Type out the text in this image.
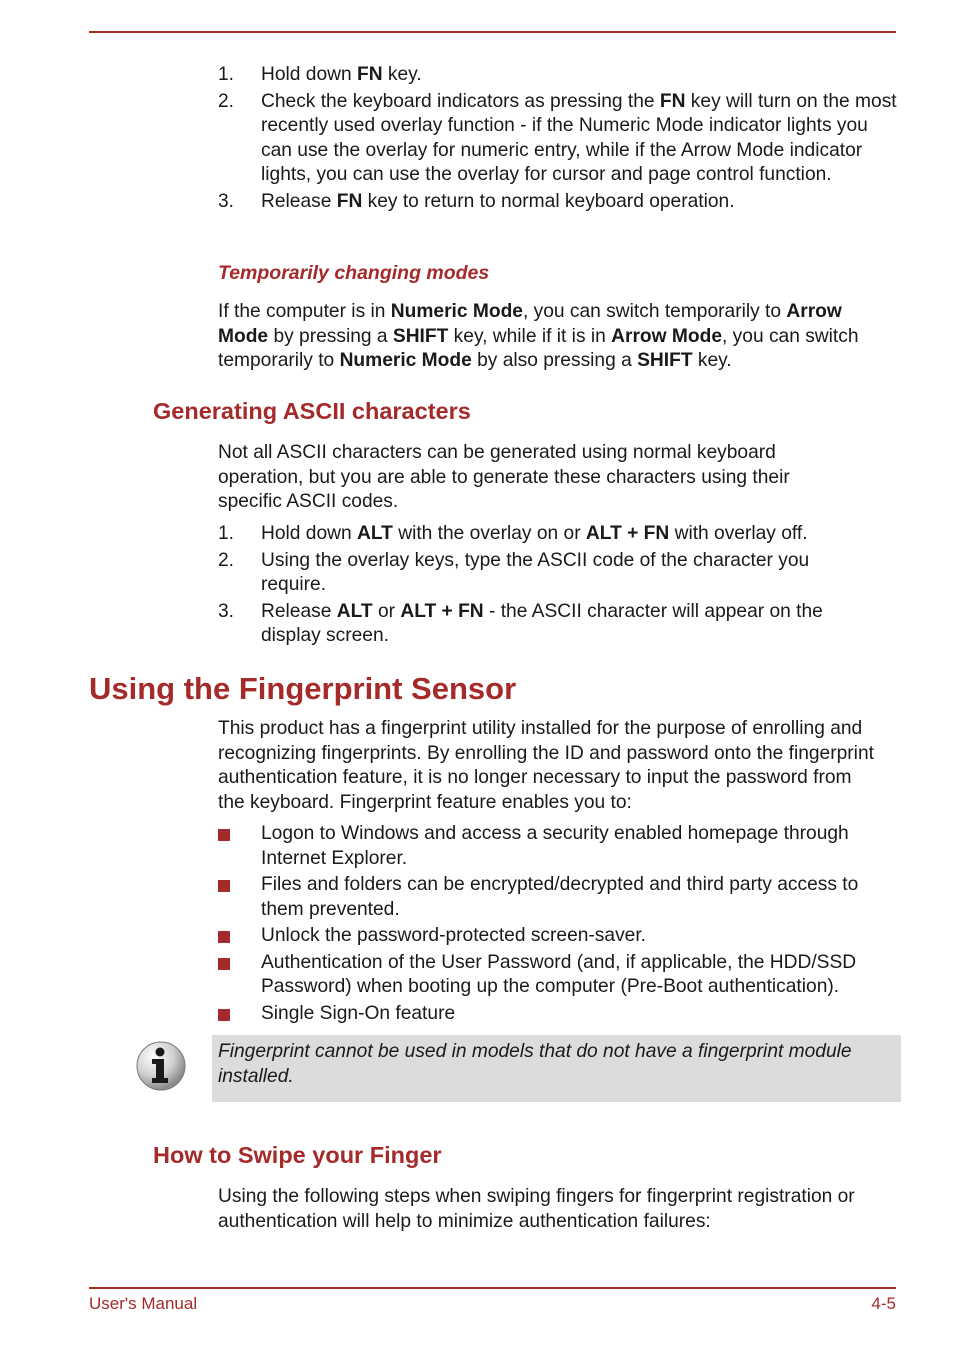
1. Hold down FN key.
2. Check the keyboard indicators as pressing the FN key will turn on the most recently used overlay function - if the Numeric Mode indicator lights you can use the overlay for numeric entry, while if the Arrow Mode indicator lights, you can use the overlay for cursor and page control function.
3. Release FN key to return to normal keyboard operation.
Temporarily changing modes
If the computer is in Numeric Mode, you can switch temporarily to Arrow Mode by pressing a SHIFT key, while if it is in Arrow Mode, you can switch temporarily to Numeric Mode by also pressing a SHIFT key.
Generating ASCII characters
Not all ASCII characters can be generated using normal keyboard operation, but you are able to generate these characters using their specific ASCII codes.
1. Hold down ALT with the overlay on or ALT + FN with overlay off.
2. Using the overlay keys, type the ASCII code of the character you require.
3. Release ALT or ALT + FN - the ASCII character will appear on the display screen.
Using the Fingerprint Sensor
This product has a fingerprint utility installed for the purpose of enrolling and recognizing fingerprints. By enrolling the ID and password onto the fingerprint authentication feature, it is no longer necessary to input the password from the keyboard. Fingerprint feature enables you to:
Logon to Windows and access a security enabled homepage through Internet Explorer.
Files and folders can be encrypted/decrypted and third party access to them prevented.
Unlock the password-protected screen-saver.
Authentication of the User Password (and, if applicable, the HDD/SSD Password) when booting up the computer (Pre-Boot authentication).
Single Sign-On feature
Fingerprint cannot be used in models that do not have a fingerprint module installed.
How to Swipe your Finger
Using the following steps when swiping fingers for fingerprint registration or authentication will help to minimize authentication failures:
User's Manual	4-5
